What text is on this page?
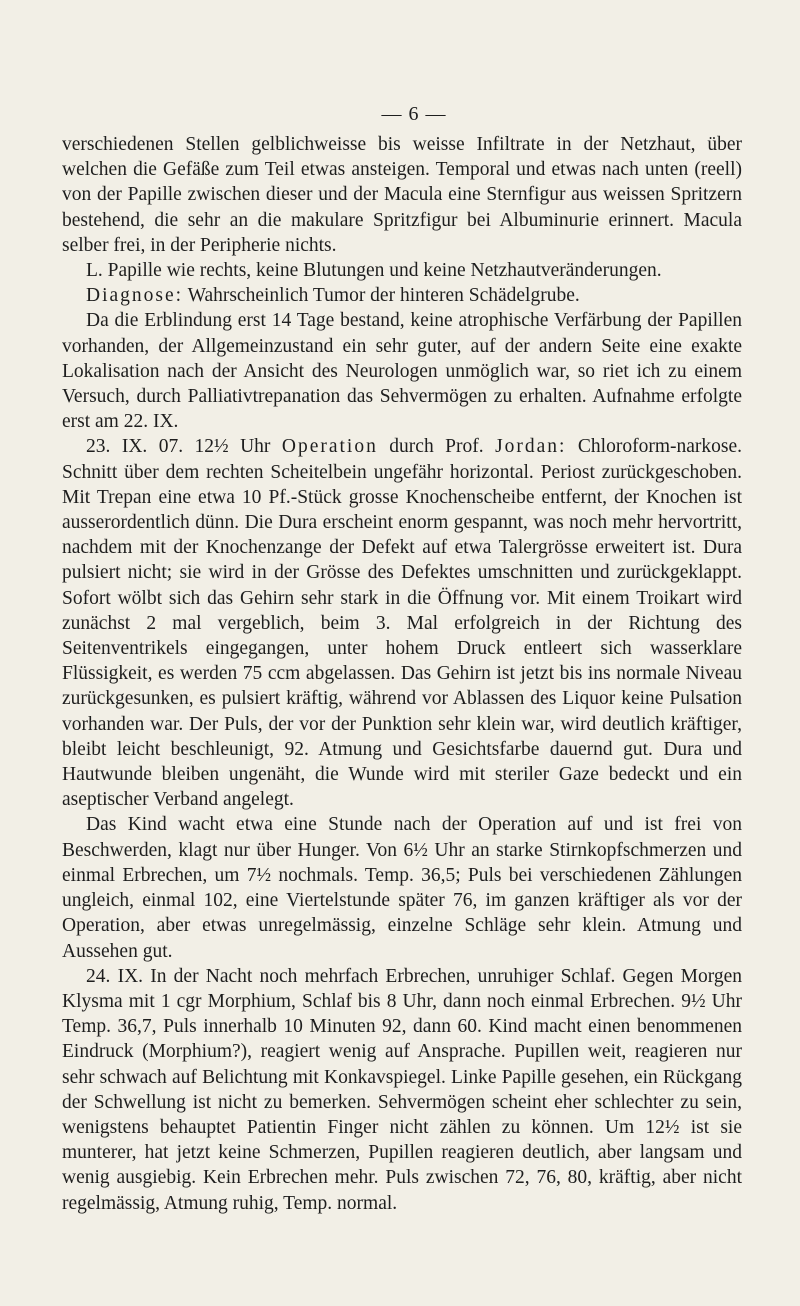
— 6 —

verschiedenen Stellen gelblichweisse bis weisse Infiltrate in der Netzhaut, über welchen die Gefäße zum Teil etwas ansteigen. Temporal und etwas nach unten (reell) von der Papille zwischen dieser und der Macula eine Sternfigur aus weissen Spritzern bestehend, die sehr an die makulare Spritzfigur bei Albuminurie erinnert. Macula selber frei, in der Peripherie nichts.

L. Papille wie rechts, keine Blutungen und keine Netzhautveränderungen.

Diagnose: Wahrscheinlich Tumor der hinteren Schädelgrube.

Da die Erblindung erst 14 Tage bestand, keine atrophische Verfärbung der Papillen vorhanden, der Allgemeinzustand ein sehr guter, auf der andern Seite eine exakte Lokalisation nach der Ansicht des Neurologen unmöglich war, so riet ich zu einem Versuch, durch Palliativtrepanation das Sehvermögen zu erhalten. Aufnahme erfolgte erst am 22. IX.

23. IX. 07. 12½ Uhr Operation durch Prof. Jordan: Chloroform-narkose. Schnitt über dem rechten Scheitelbein ungefähr horizontal. Periost zurückgeschoben. Mit Trepan eine etwa 10 Pf.-Stück grosse Knochenscheibe entfernt, der Knochen ist ausserordentlich dünn. Die Dura erscheint enorm gespannt, was noch mehr hervortritt, nachdem mit der Knochenzange der Defekt auf etwa Talergrösse erweitert ist. Dura pulsiert nicht; sie wird in der Grösse des Defektes umschnitten und zurückgeklappt. Sofort wölbt sich das Gehirn sehr stark in die Öffnung vor. Mit einem Troikart wird zunächst 2 mal vergeblich, beim 3. Mal erfolgreich in der Richtung des Seitenventrikels eingegangen, unter hohem Druck entleert sich wasserklare Flüssigkeit, es werden 75 ccm abgelassen. Das Gehirn ist jetzt bis ins normale Niveau zurückgesunken, es pulsiert kräftig, während vor Ablassen des Liquor keine Pulsation vorhanden war. Der Puls, der vor der Punktion sehr klein war, wird deutlich kräftiger, bleibt leicht beschleunigt, 92. Atmung und Gesichtsfarbe dauernd gut. Dura und Hautwunde bleiben ungenäht, die Wunde wird mit steriler Gaze bedeckt und ein aseptischer Verband angelegt.

Das Kind wacht etwa eine Stunde nach der Operation auf und ist frei von Beschwerden, klagt nur über Hunger. Von 6½ Uhr an starke Stirnkopfschmerzen und einmal Erbrechen, um 7½ nochmals. Temp. 36,5; Puls bei verschiedenen Zählungen ungleich, einmal 102, eine Viertelstunde später 76, im ganzen kräftiger als vor der Operation, aber etwas unregelmässig, einzelne Schläge sehr klein. Atmung und Aussehen gut.

24. IX. In der Nacht noch mehrfach Erbrechen, unruhiger Schlaf. Gegen Morgen Klysma mit 1 cgr Morphium, Schlaf bis 8 Uhr, dann noch einmal Erbrechen. 9½ Uhr Temp. 36,7, Puls innerhalb 10 Minuten 92, dann 60. Kind macht einen benommenen Eindruck (Morphium?), reagiert wenig auf Ansprache. Pupillen weit, reagieren nur sehr schwach auf Belichtung mit Konkavspiegel. Linke Papille gesehen, ein Rückgang der Schwellung ist nicht zu bemerken. Sehvermögen scheint eher schlechter zu sein, wenigstens behauptet Patientin Finger nicht zählen zu können. Um 12½ ist sie munterer, hat jetzt keine Schmerzen, Pupillen reagieren deutlich, aber langsam und wenig ausgiebig. Kein Erbrechen mehr. Puls zwischen 72, 76, 80, kräftig, aber nicht regelmässig, Atmung ruhig, Temp. normal.
